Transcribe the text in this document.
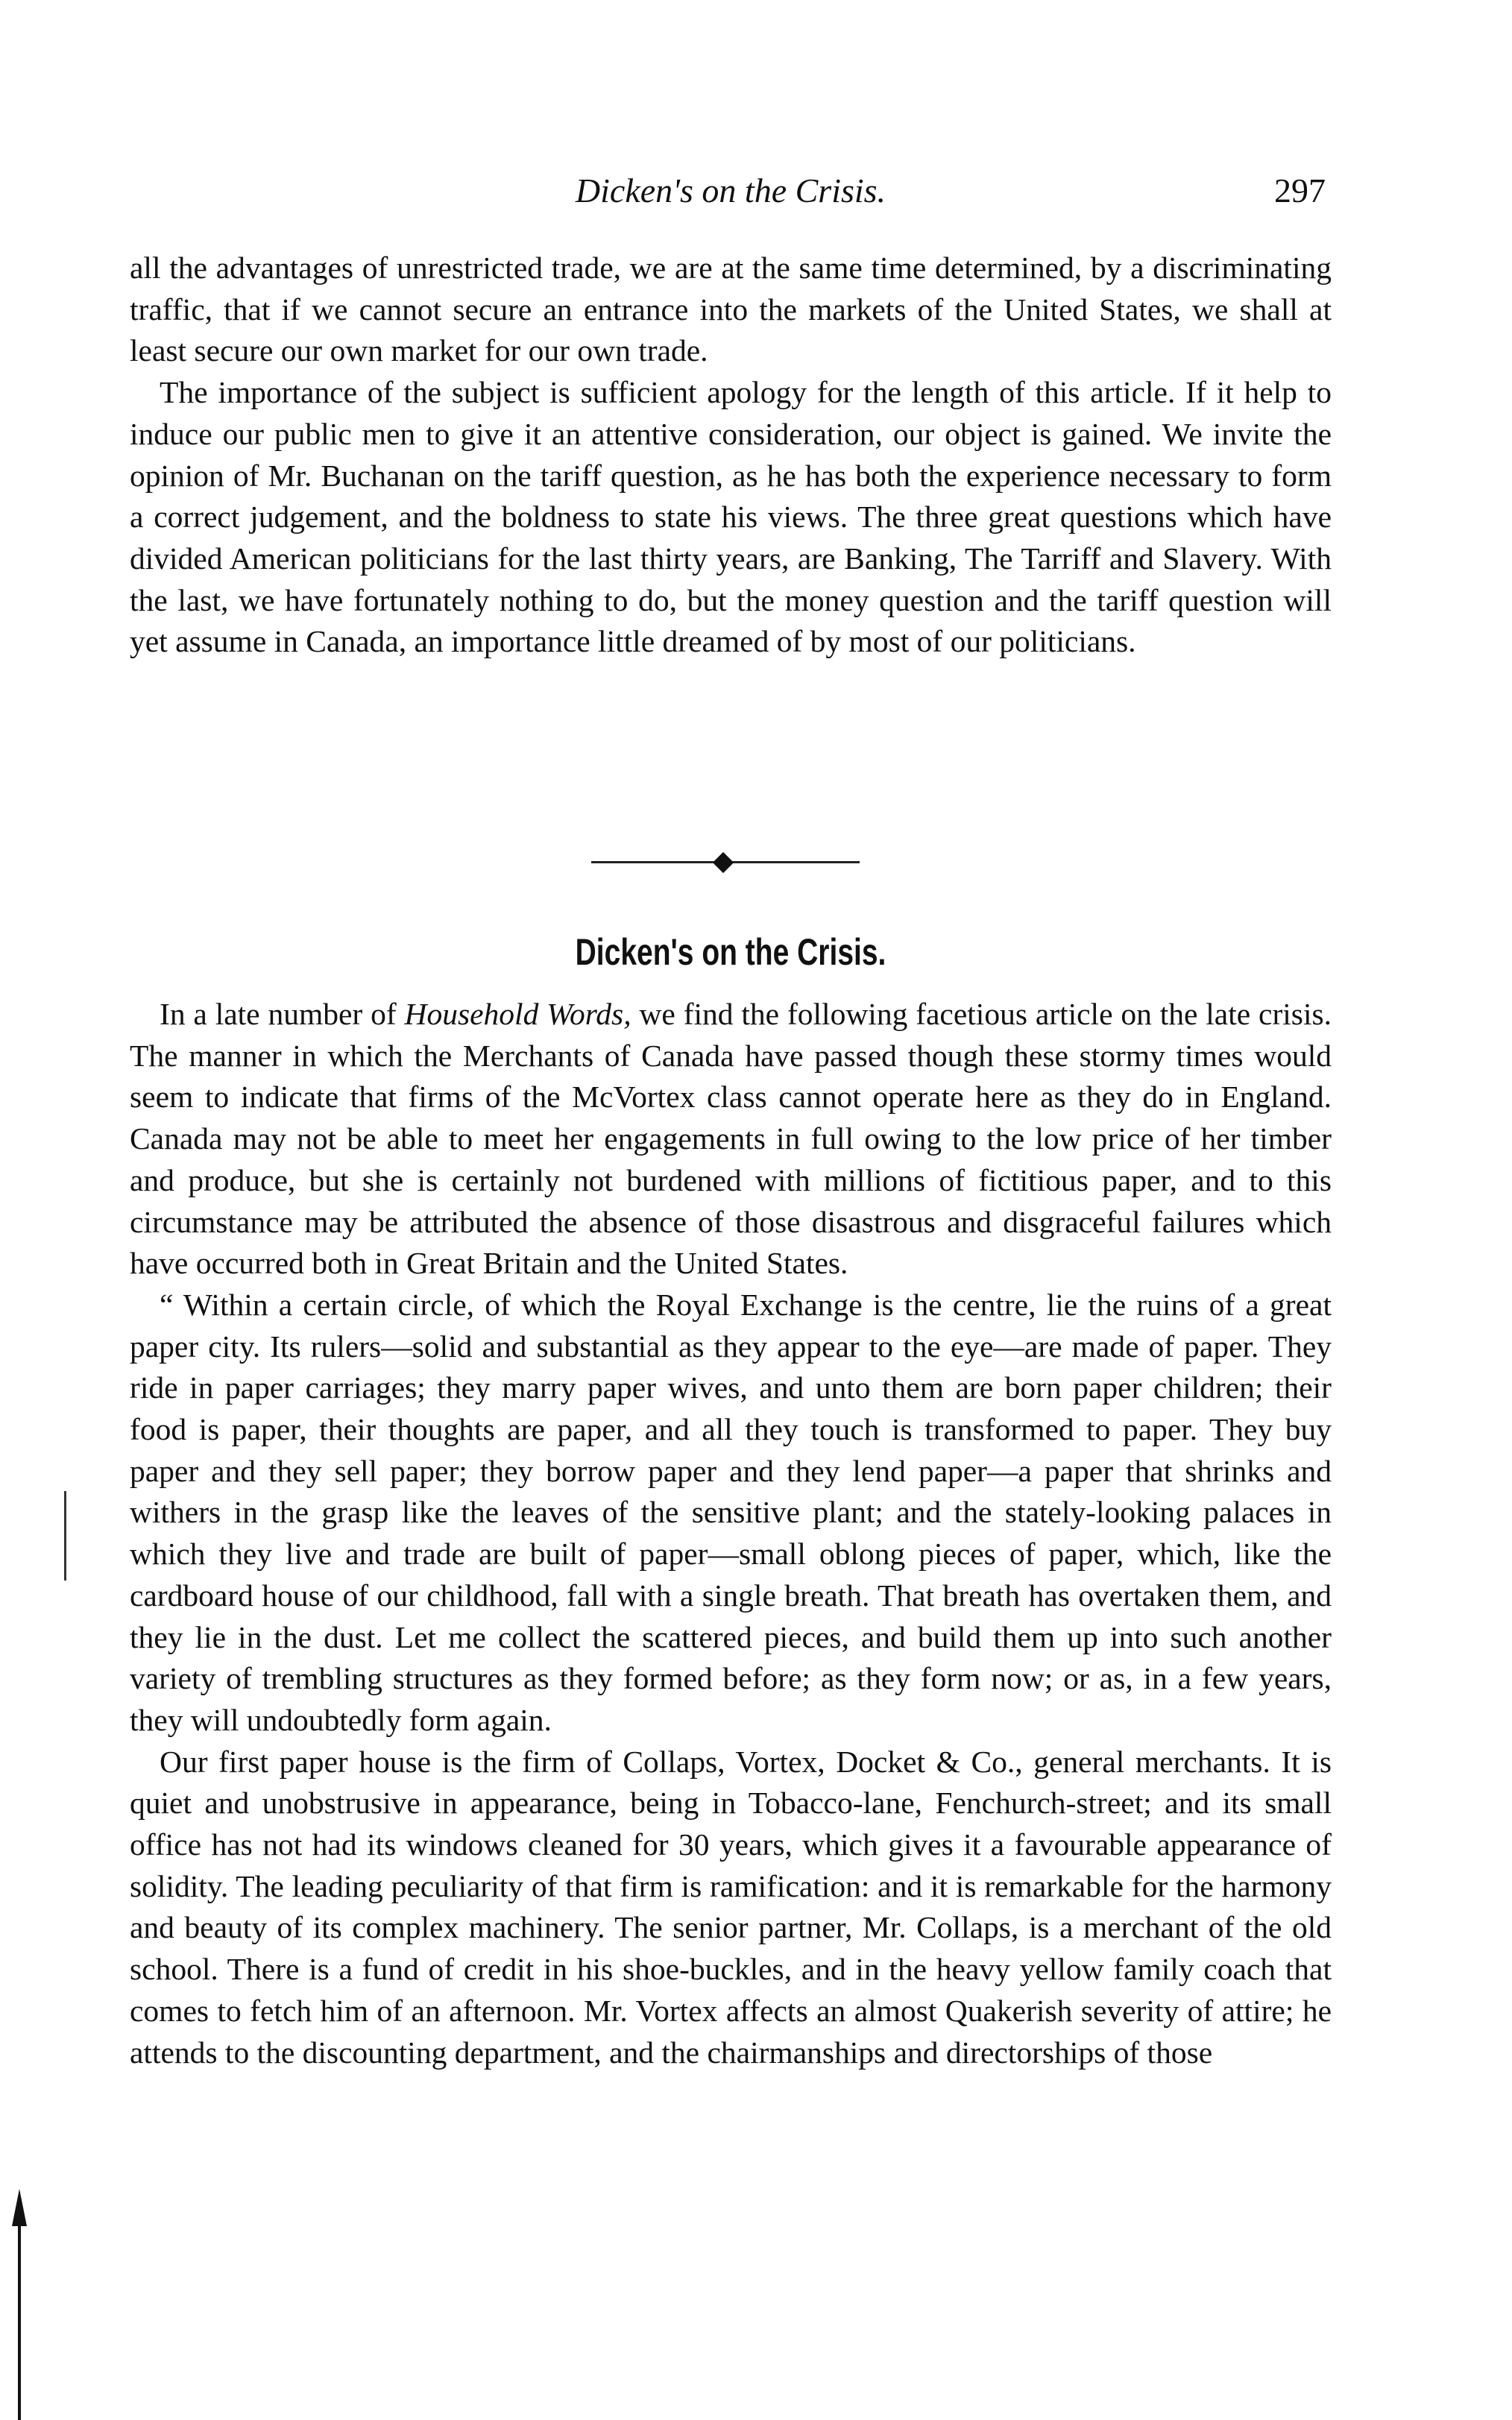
Dicken's on the Crisis.	297

all the advantages of unrestricted trade, we are at the same time determined, by a discriminating traffic, that if we cannot secure an entrance into the markets of the United States, we shall at least secure our own market for our own trade.

The importance of the subject is sufficient apology for the length of this article. If it help to induce our public men to give it an attentive consideration, our object is gained. We invite the opinion of Mr. Buchanan on the tariff question, as he has both the experience necessary to form a correct judgement, and the boldness to state his views. The three great questions which have divided American politicians for the last thirty years, are Banking, The Tarriff and Slavery. With the last, we have fortunately nothing to do, but the money question and the tariff question will yet assume in Canada, an importance little dreamed of by most of our politicians.

Dicken's on the Crisis.

In a late number of Household Words, we find the following facetious article on the late crisis. The manner in which the Merchants of Canada have passed though these stormy times would seem to indicate that firms of the McVortex class cannot operate here as they do in England. Canada may not be able to meet her engagements in full owing to the low price of her timber and produce, but she is certainly not burdened with millions of fictitious paper, and to this circumstance may be attributed the absence of those disastrous and disgraceful failures which have occurred both in Great Britain and the United States.

“ Within a certain circle, of which the Royal Exchange is the centre, lie the ruins of a great paper city. Its rulers—solid and substantial as they appear to the eye—are made of paper. They ride in paper carriages; they marry paper wives, and unto them are born paper children; their food is paper, their thoughts are paper, and all they touch is transformed to paper. They buy paper and they sell paper; they borrow paper and they lend paper—a paper that shrinks and withers in the grasp like the leaves of the sensitive plant; and the stately-looking palaces in which they live and trade are built of paper—small oblong pieces of paper, which, like the cardboard house of our childhood, fall with a single breath. That breath has overtaken them, and they lie in the dust. Let me collect the scattered pieces, and build them up into such another variety of trembling structures as they formed before; as they form now; or as, in a few years, they will undoubtedly form again.

Our first paper house is the firm of Collaps, Vortex, Docket & Co., general merchants. It is quiet and unobstrusive in appearance, being in Tobacco-lane, Fenchurch-street; and its small office has not had its windows cleaned for 30 years, which gives it a favourable appearance of solidity. The leading peculiarity of that firm is ramification: and it is remarkable for the harmony and beauty of its complex machinery. The senior partner, Mr. Collaps, is a merchant of the old school. There is a fund of credit in his shoe-buckles, and in the heavy yellow family coach that comes to fetch him of an afternoon. Mr. Vortex affects an almost Quakerish severity of attire; he attends to the discounting department, and the chairmanships and directorships of those
